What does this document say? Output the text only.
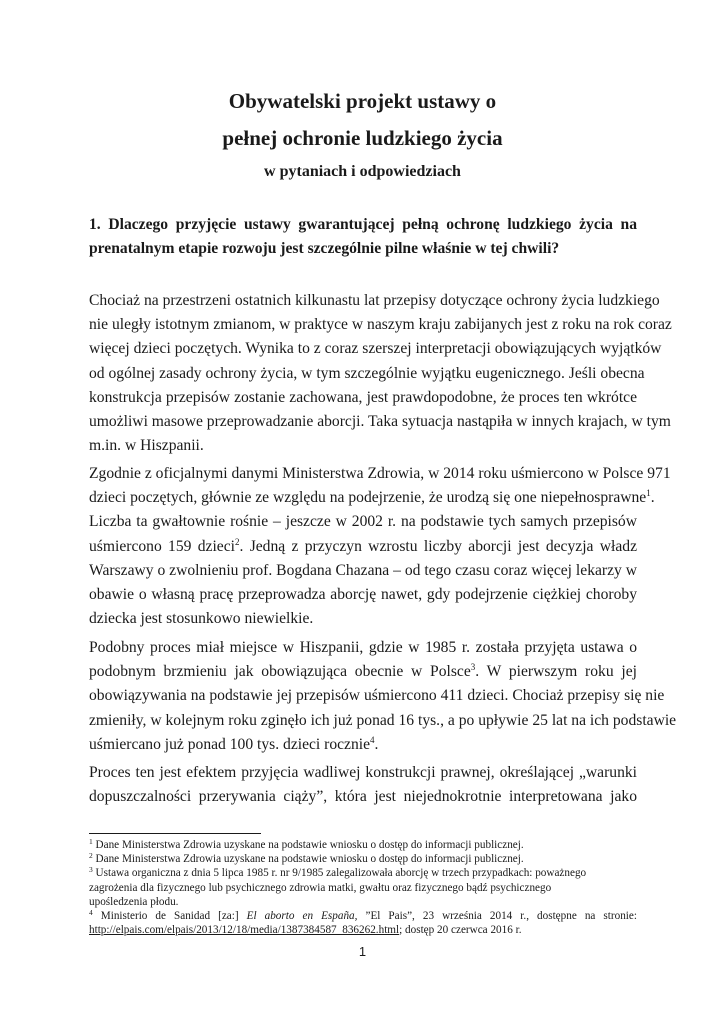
Obywatelski projekt ustawy o
pełnej ochronie ludzkiego życia
w pytaniach i odpowiedziach
1. Dlaczego przyjęcie ustawy gwarantującej pełną ochronę ludzkiego życia na
prenatalnym etapie rozwoju jest szczególnie pilne właśnie w tej chwili?
Chociaż na przestrzeni ostatnich kilkunastu lat przepisy dotyczące ochrony życia ludzkiego
nie uległy istotnym zmianom, w praktyce w naszym kraju zabijanych jest z roku na rok coraz
więcej dzieci poczętych. Wynika to z coraz szerszej interpretacji obowiązujących wyjątków
od ogólnej zasady ochrony życia, w tym szczególnie wyjątku eugenicznego. Jeśli obecna
konstrukcja przepisów zostanie zachowana, jest prawdopodobne, że proces ten wkrótce
umożliwi masowe przeprowadzanie aborcji. Taka sytuacja nastąpiła w innych krajach, w tym
m.in. w Hiszpanii.
Zgodnie z oficjalnymi danymi Ministerstwa Zdrowia, w 2014 roku uśmiercono w Polsce 971
dzieci poczętych, głównie ze względu na podejrzenie, że urodzą się one niepełnosprawne$^1$.
Liczba ta gwałtownie rośnie – jeszcze w 2002 r. na podstawie tych samych przepisów
uśmiercono 159 dzieci$^2$. Jedną z przyczyn wzrostu liczby aborcji jest decyzja władz
Warszawy o zwolnieniu prof. Bogdana Chazana – od tego czasu coraz więcej lekarzy w
obawie o własną pracę przeprowadza aborcję nawet, gdy podejrzenie ciężkiej choroby
dziecka jest stosunkowo niewielkie.
Podobny proces miał miejsce w Hiszpanii, gdzie w 1985 r. została przyjęta ustawa o
podobnym brzmieniu jak obowiązująca obecnie w Polsce$^3$. W pierwszym roku jej
obowiązywania na podstawie jej przepisów uśmiercono 411 dzieci. Chociaż przepisy się nie
zmieniły, w kolejnym roku zginęło ich już ponad 16 tys., a po upływie 25 lat na ich podstawie
uśmiercano już ponad 100 tys. dzieci rocznie$^4$.
Proces ten jest efektem przyjęcia wadliwej konstrukcji prawnej, określającej „warunki
dopuszczalności przerywania ciąży”, która jest niejednokrotnie interpretowana jako
$^1$ Dane Ministerstwa Zdrowia uzyskane na podstawie wniosku o dostęp do informacji publicznej.
$^2$ Dane Ministerstwa Zdrowia uzyskane na podstawie wniosku o dostęp do informacji publicznej.
$^3$ Ustawa organiczna z dnia 5 lipca 1985 r. nr 9/1985 zalegalizowała aborcję w trzech przypadkach: poważnego
zagrożenia dla fizycznego lub psychicznego zdrowia matki, gwałtu oraz fizycznego bądź psychicznego
upośledzenia płodu.
$^4$ Ministerio de Sanidad [za:] El aborto en España, ”El Pais”, 23 września 2014 r., dostępne na stronie:
http://elpais.com/elpais/2013/12/18/media/1387384587_836262.html; dostęp 20 czerwca 2016 r.
1
